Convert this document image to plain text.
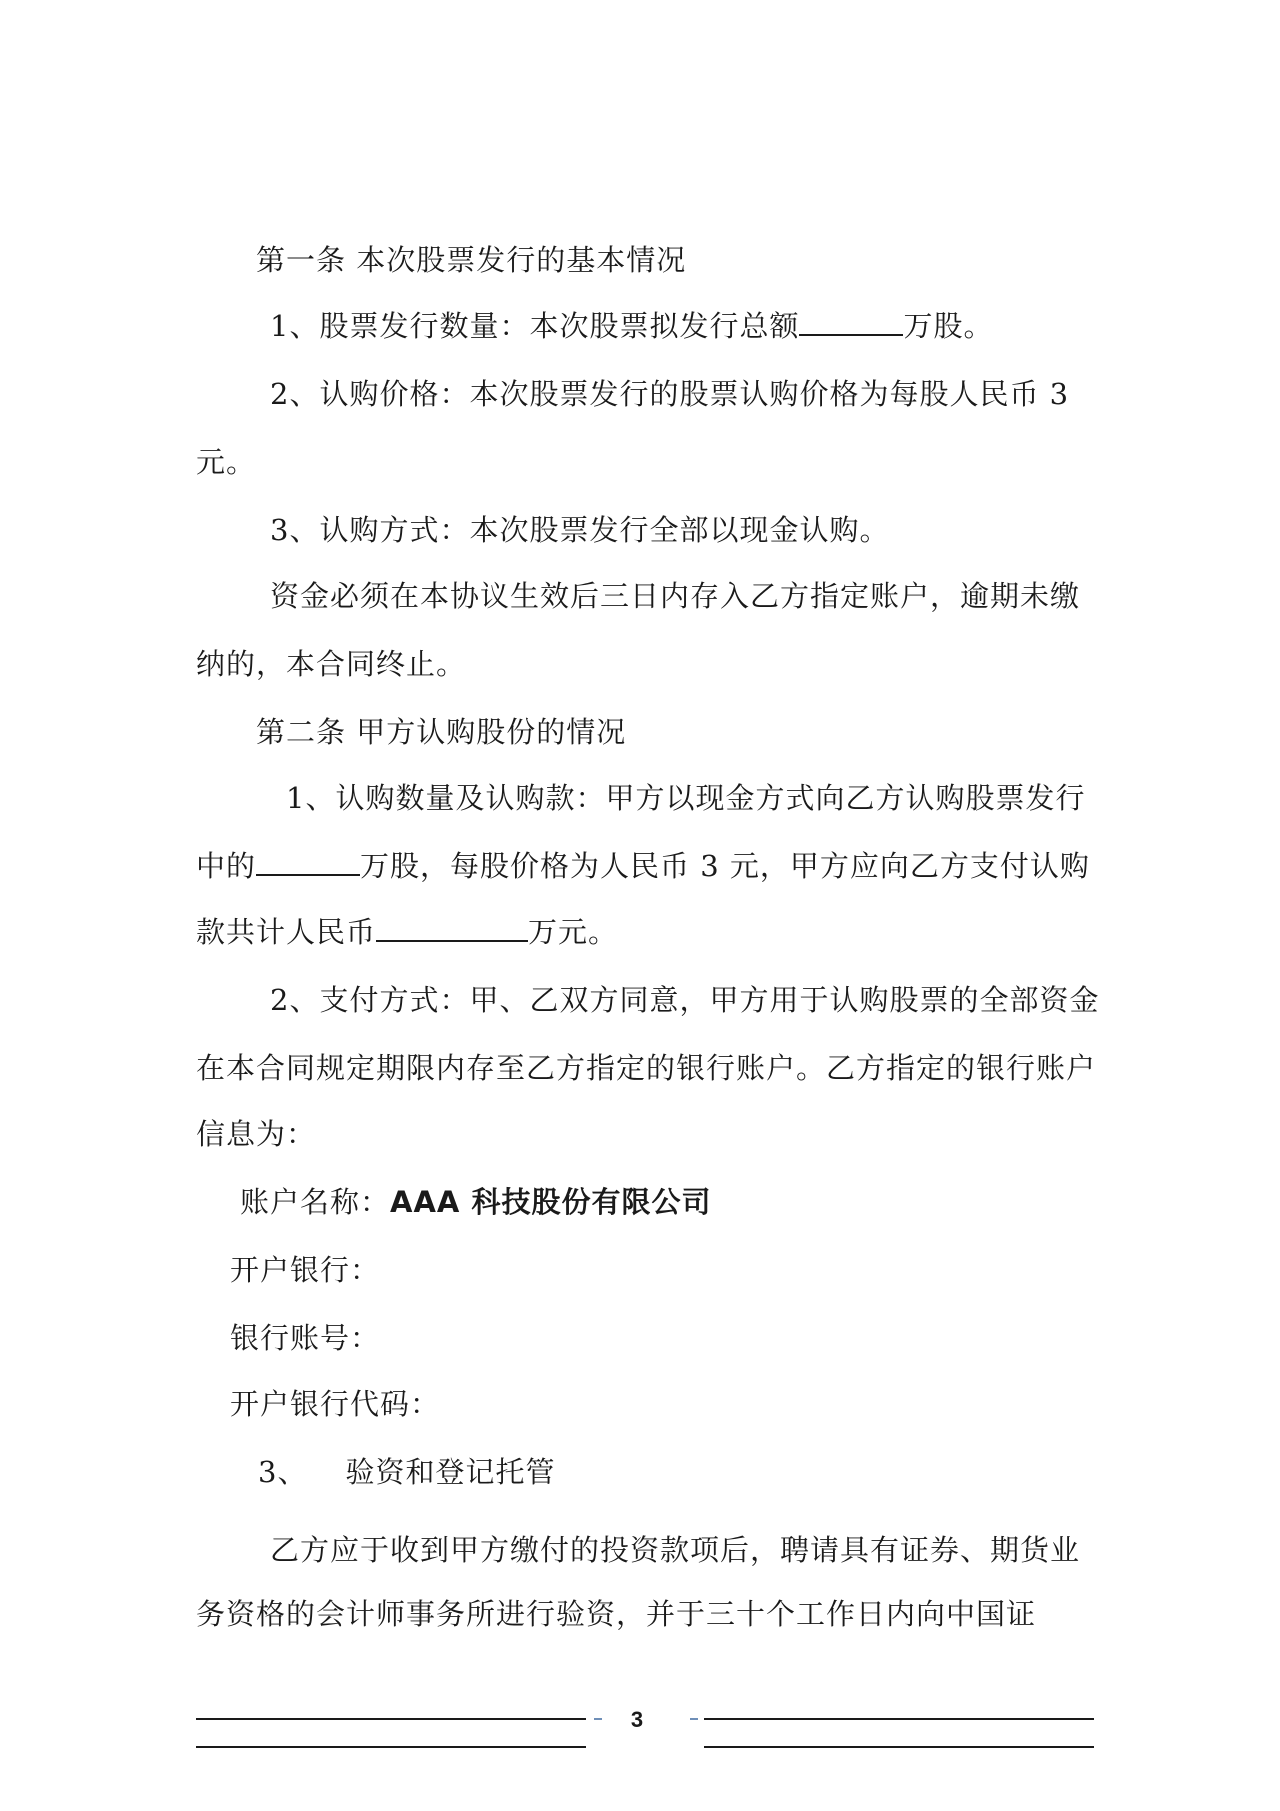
第一条 本次股票发行的基本情况
1、股票发行数量：本次股票拟发行总额	万股。
2、认购价格：本次股票发行的股票认购价格为每股人民币 3
元。
3、认购方式：本次股票发行全部以现金认购。
资金必须在本协议生效后三日内存入乙方指定账户，逾期未缴
纳的，本合同终止。
第二条 甲方认购股份的情况
1、认购数量及认购款：甲方以现金方式向乙方认购股票发行
中的	万股，每股价格为人民币 3 元，甲方应向乙方支付认购
款共计人民币	万元。
2、支付方式：甲、乙双方同意，甲方用于认购股票的全部资金
在本合同规定期限内存至乙方指定的银行账户。乙方指定的银行账户
信息为：
账户名称：AAA 科技股份有限公司
开户银行：
银行账号：
开户银行代码：
3、 验资和登记托管
乙方应于收到甲方缴付的投资款项后，聘请具有证券、期货业
务资格的会计师事务所进行验资，并于三十个工作日内向中国证
3
